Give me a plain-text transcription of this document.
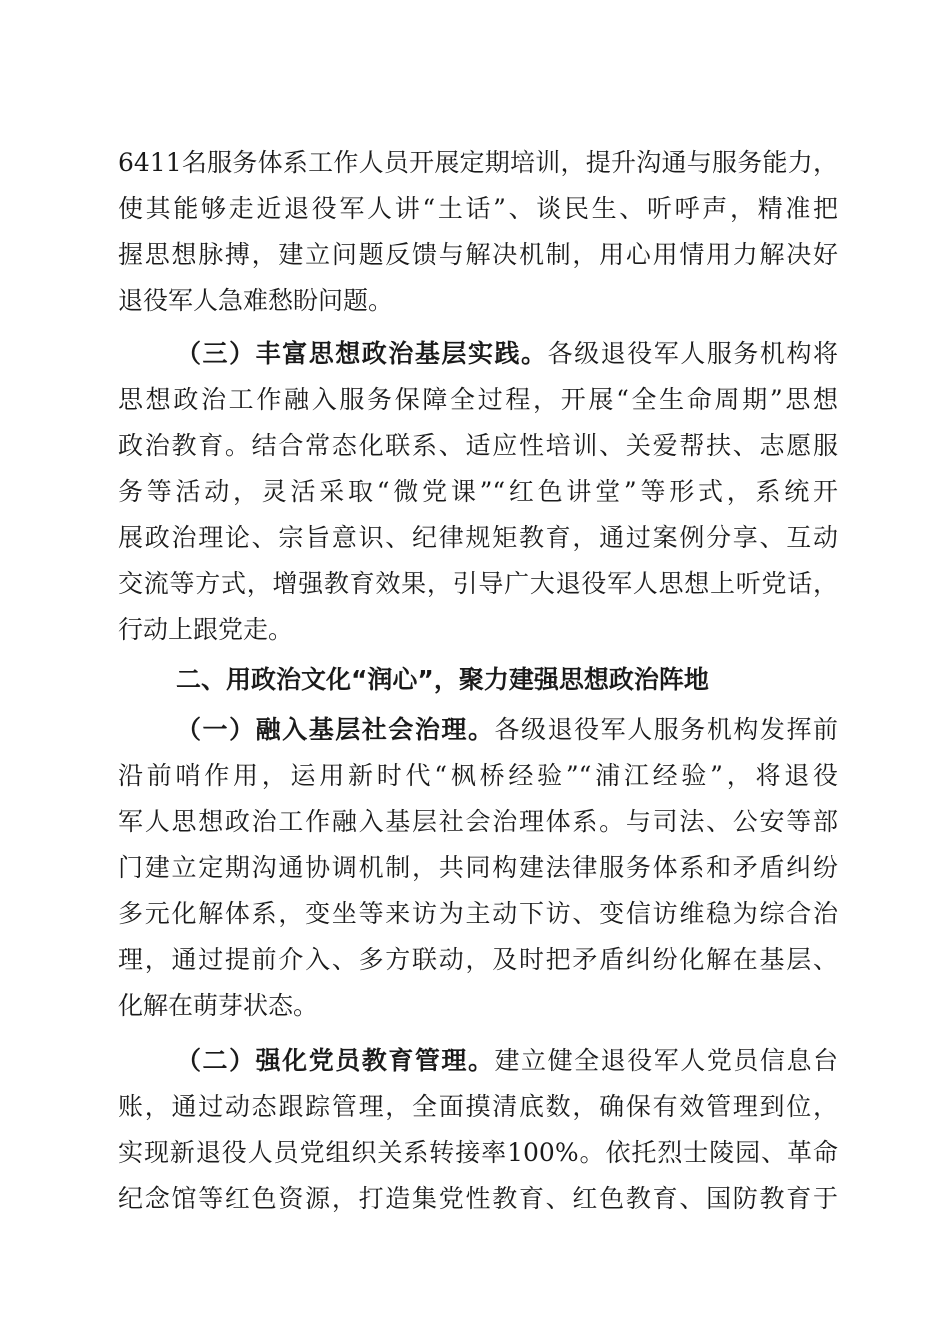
6411名服务体系工作人员开展定期培训，提升沟通与服务能力，
使其能够走近退役军人讲“土话”、谈民生、听呼声，精准把
握思想脉搏，建立问题反馈与解决机制，用心用情用力解决好
退役军人急难愁盼问题。
（三）丰富思想政治基层实践。各级退役军人服务机构将
思想政治工作融入服务保障全过程，开展“全生命周期”思想
政治教育。结合常态化联系、适应性培训、关爱帮扶、志愿服
务等活动，灵活采取“微党课”“红色讲堂”等形式，系统开
展政治理论、宗旨意识、纪律规矩教育，通过案例分享、互动
交流等方式，增强教育效果，引导广大退役军人思想上听党话，
行动上跟党走。
二、用政治文化“润心”，聚力建强思想政治阵地
（一）融入基层社会治理。各级退役军人服务机构发挥前
沿前哨作用，运用新时代“枫桥经验”“浦江经验”，将退役
军人思想政治工作融入基层社会治理体系。与司法、公安等部
门建立定期沟通协调机制，共同构建法律服务体系和矛盾纠纷
多元化解体系，变坐等来访为主动下访、变信访维稳为综合治
理，通过提前介入、多方联动，及时把矛盾纠纷化解在基层、
化解在萌芽状态。
（二）强化党员教育管理。建立健全退役军人党员信息台
账，通过动态跟踪管理，全面摸清底数，确保有效管理到位，
实现新退役人员党组织关系转接率100%。依托烈士陵园、革命
纪念馆等红色资源，打造集党性教育、红色教育、国防教育于
